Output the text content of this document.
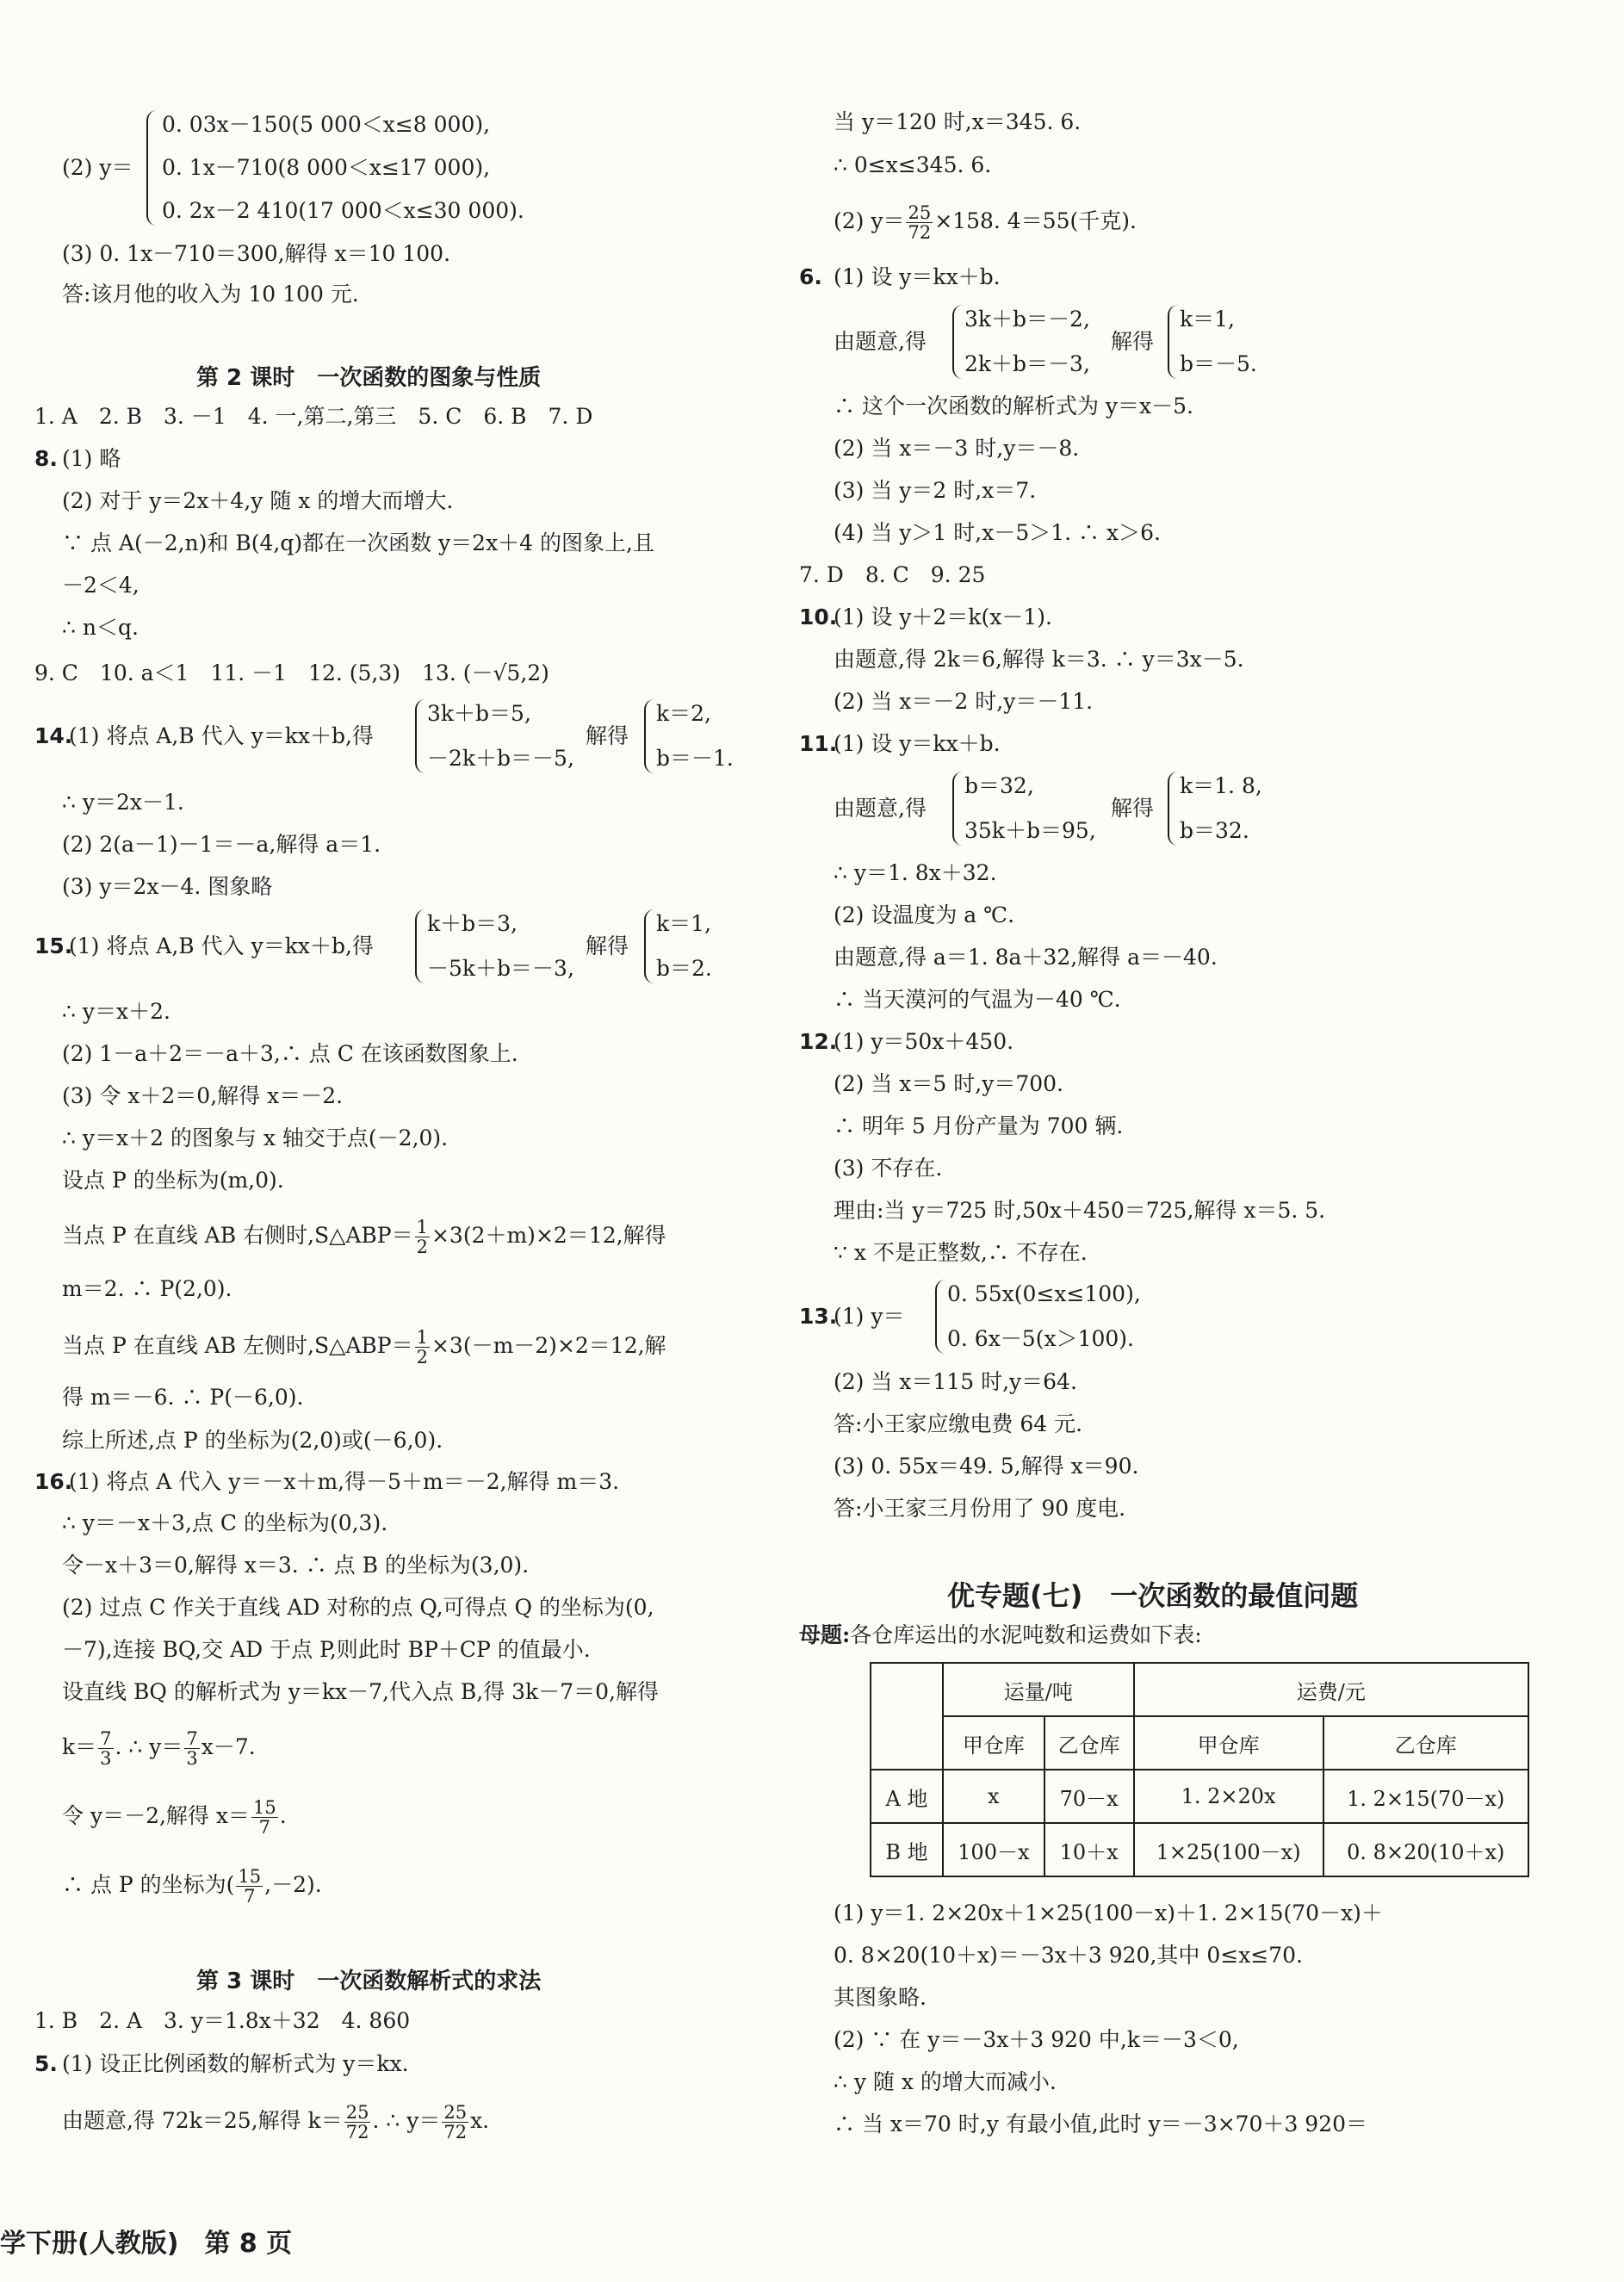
(2) y＝
0. 03x－150(5 000＜x≤8 000),
0. 1x－710(8 000＜x≤17 000),
0. 2x－2 410(17 000＜x≤30 000).
(3) 0. 1x－710＝300,解得 x＝10 100.
答:该月他的收入为 10 100 元.
第 2 课时　一次函数的图象与性质
1. A　2. B　3. －1　4. 一,第二,第三　5. C　6. B　7. D
8. (1) 略
(2) 对于 y＝2x＋4,y 随 x 的增大而增大.
∵ 点 A(－2,n)和 B(4,q)都在一次函数 y＝2x＋4 的图象上,且
－2＜4,
∴ n＜q.
9. C　10. a＜1　11. －1　12. (5,3)　13. (－√5,2)
14.
(1) 将点 A,B 代入 y＝kx＋b,得
3k＋b＝5,
－2k＋b＝－5,
解得
k＝2,
b＝－1.
∴ y＝2x－1.
(2) 2(a－1)－1＝－a,解得 a＝1.
(3) y＝2x－4. 图象略
15.
(1) 将点 A,B 代入 y＝kx＋b,得
k＋b＝3,
－5k＋b＝－3,
解得
k＝1,
b＝2.
∴ y＝x＋2.
(2) 1－a＋2＝－a＋3,∴ 点 C 在该函数图象上.
(3) 令 x＋2＝0,解得 x＝－2.
∴ y＝x＋2 的图象与 x 轴交于点(－2,0).
设点 P 的坐标为(m,0).
当点 P 在直线 AB 右侧时,S△ABP＝ $\frac{1}{2} \times 3(2+m)\times 2=12$,解得
m＝2. ∴ P(2,0).
当点 P 在直线 AB 左侧时,S△ABP＝ $\frac{1}{2} \times 3(-m-2)\times 2=12$,解
得 m＝－6. ∴ P(－6,0).
综上所述,点 P 的坐标为(2,0)或(－6,0).
16.
(1) 将点 A 代入 y＝－x＋m,得－5＋m＝－2,解得 m＝3.
∴ y＝－x＋3,点 C 的坐标为(0,3).
令－x＋3＝0,解得 x＝3. ∴ 点 B 的坐标为(3,0).
(2) 过点 C 作关于直线 AD 对称的点 Q,可得点 Q 的坐标为(0,
－7),连接 BQ,交 AD 于点 P,则此时 BP＋CP 的值最小.
设直线 BQ 的解析式为 y＝kx－7,代入点 B,得 3k－7＝0,解得
$k= \frac{7}{3}$ . ∴ $y= \frac{7}{3} x-7$.
令 y＝－2,解得 $x= \frac{15}{7}$ .
∴ 点 P 的坐标为( $\frac{15}{7} ,-2$).
第 3 课时　一次函数解析式的求法
1. B　2. A　3. y＝1.8x＋32　4. 860
5. (1) 设正比例函数的解析式为 y＝kx.
由题意,得 72k＝25,解得 $k= \frac{25}{72}$ . ∴ $y= \frac{25}{72} x$.
学下册(人教版)　第 8 页
当 y＝120 时,x＝345. 6.
∴ 0≤x≤345. 6.
(2) $y= \frac{25}{72} \times 158$. 4＝55(千克).
6. (1) 设 y＝kx＋b.
由题意,得
3k＋b＝－2,
2k＋b＝－3,
解得
k＝1,
b＝－5.
∴ 这个一次函数的解析式为 y＝x－5.
(2) 当 x＝－3 时,y＝－8.
(3) 当 y＝2 时,x＝7.
(4) 当 y＞1 时,x－5＞1. ∴ x＞6.
7. D　8. C　9. 25
10.
(1) 设 y＋2＝k(x－1).
由题意,得 2k＝6,解得 k＝3. ∴ y＝3x－5.
(2) 当 x＝－2 时,y＝－11.
11.
(1) 设 y＝kx＋b.
由题意,得
b＝32,
35k＋b＝95,
解得
k＝1. 8,
b＝32.
∴ y＝1. 8x＋32.
(2) 设温度为 a ℃.
由题意,得 a＝1. 8a＋32,解得 a＝－40.
∴ 当天漠河的气温为－40 ℃.
12.
(1) y＝50x＋450.
(2) 当 x＝5 时,y＝700.
∴ 明年 5 月份产量为 700 辆.
(3) 不存在.
理由:当 y＝725 时,50x＋450＝725,解得 x＝5. 5.
∵ x 不是正整数,∴ 不存在.
13.
(1) y＝
0. 55x(0≤x≤100),
0. 6x－5(x＞100).
(2) 当 x＝115 时,y＝64.
答:小王家应缴电费 64 元.
(3) 0. 55x＝49. 5,解得 x＝90.
答:小王家三月份用了 90 度电.
优专题(七)　一次函数的最值问题
母题:各仓库运出的水泥吨数和运费如下表:
	运量/吨		运费/元	
	甲仓库	乙仓库	甲仓库	乙仓库
A 地	x	70－x	1. 2×20x	1. 2×15(70－x)
B 地	100－x	10＋x	1×25(100－x)	0. 8×20(10＋x)
(1) y＝1. 2×20x＋1×25(100－x)＋1. 2×15(70－x)＋
0. 8×20(10＋x)＝－3x＋3 920,其中 0≤x≤70.
其图象略.
(2) ∵ 在 y＝－3x＋3 920 中,k＝－3＜0,
∴ y 随 x 的增大而减小.
∴ 当 x＝70 时,y 有最小值,此时 y＝－3×70＋3 920＝
